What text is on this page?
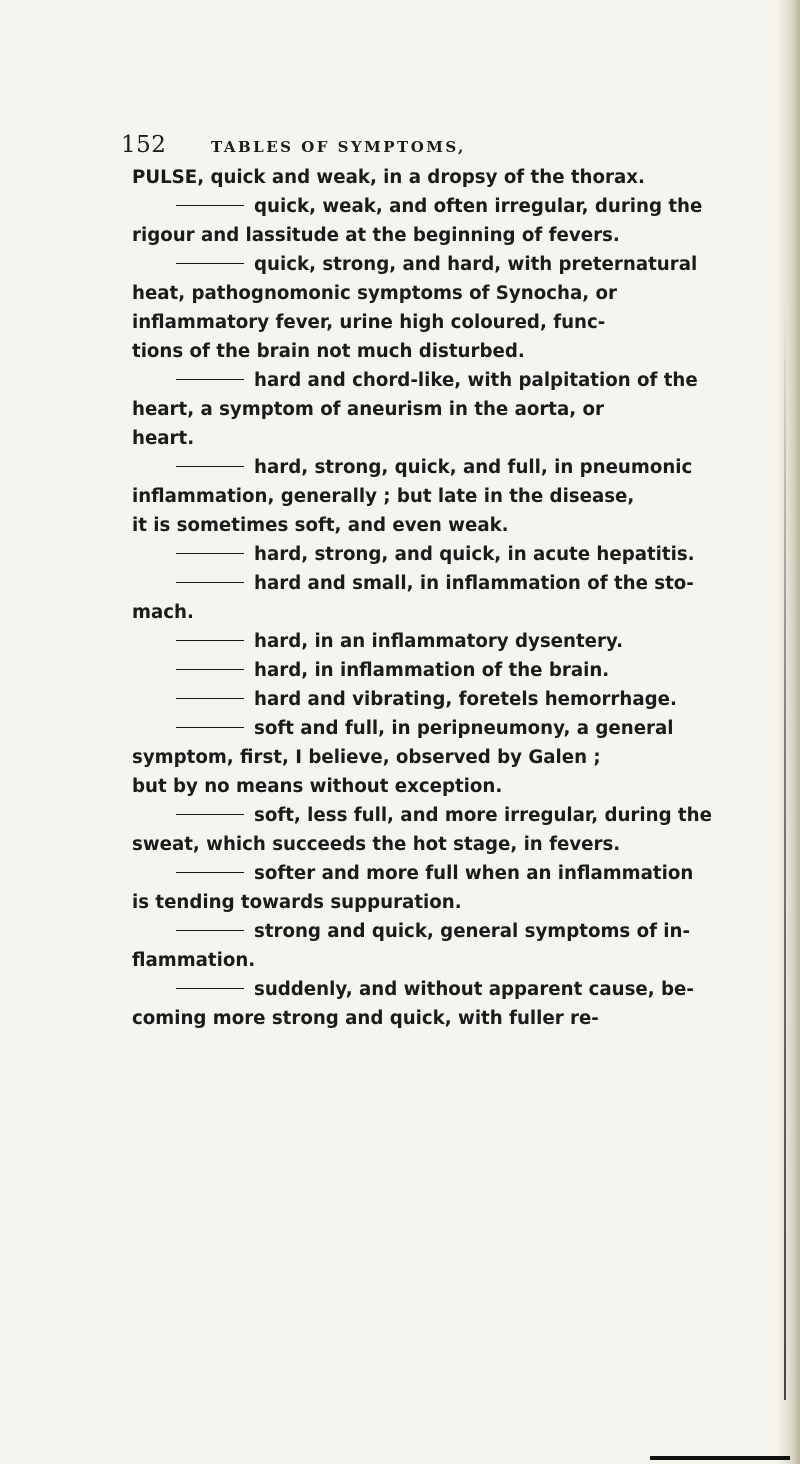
152	TABLES OF SYMPTOMS,

PULSE, quick and weak, in a dropsy of the thorax.

quick, weak, and often irregular, during the
rigour and lassitude at the beginning of fevers.

quick, strong, and hard, with preternatural
heat, pathognomonic symptoms of Synocha, or
inflammatory fever, urine high coloured, func-
tions of the brain not much disturbed.

hard and chord-like, with palpitation of the
heart, a symptom of aneurism in the aorta, or
heart.

hard, strong, quick, and full, in pneumonic
inflammation, generally ; but late in the disease,
it is sometimes soft, and even weak.

hard, strong, and quick, in acute hepatitis.

hard and small, in inflammation of the sto-
mach.

hard, in an inflammatory dysentery.

hard, in inflammation of the brain.

hard and vibrating, foretels hemorrhage.

soft and full, in peripneumony, a general
symptom, first, I believe, observed by Galen ;
but by no means without exception.

soft, less full, and more irregular, during the
sweat, which succeeds the hot stage, in fevers.

softer and more full when an inflammation
is tending towards suppuration.

strong and quick, general symptoms of in-
flammation.

suddenly, and without apparent cause, be-
coming more strong and quick, with fuller re-
